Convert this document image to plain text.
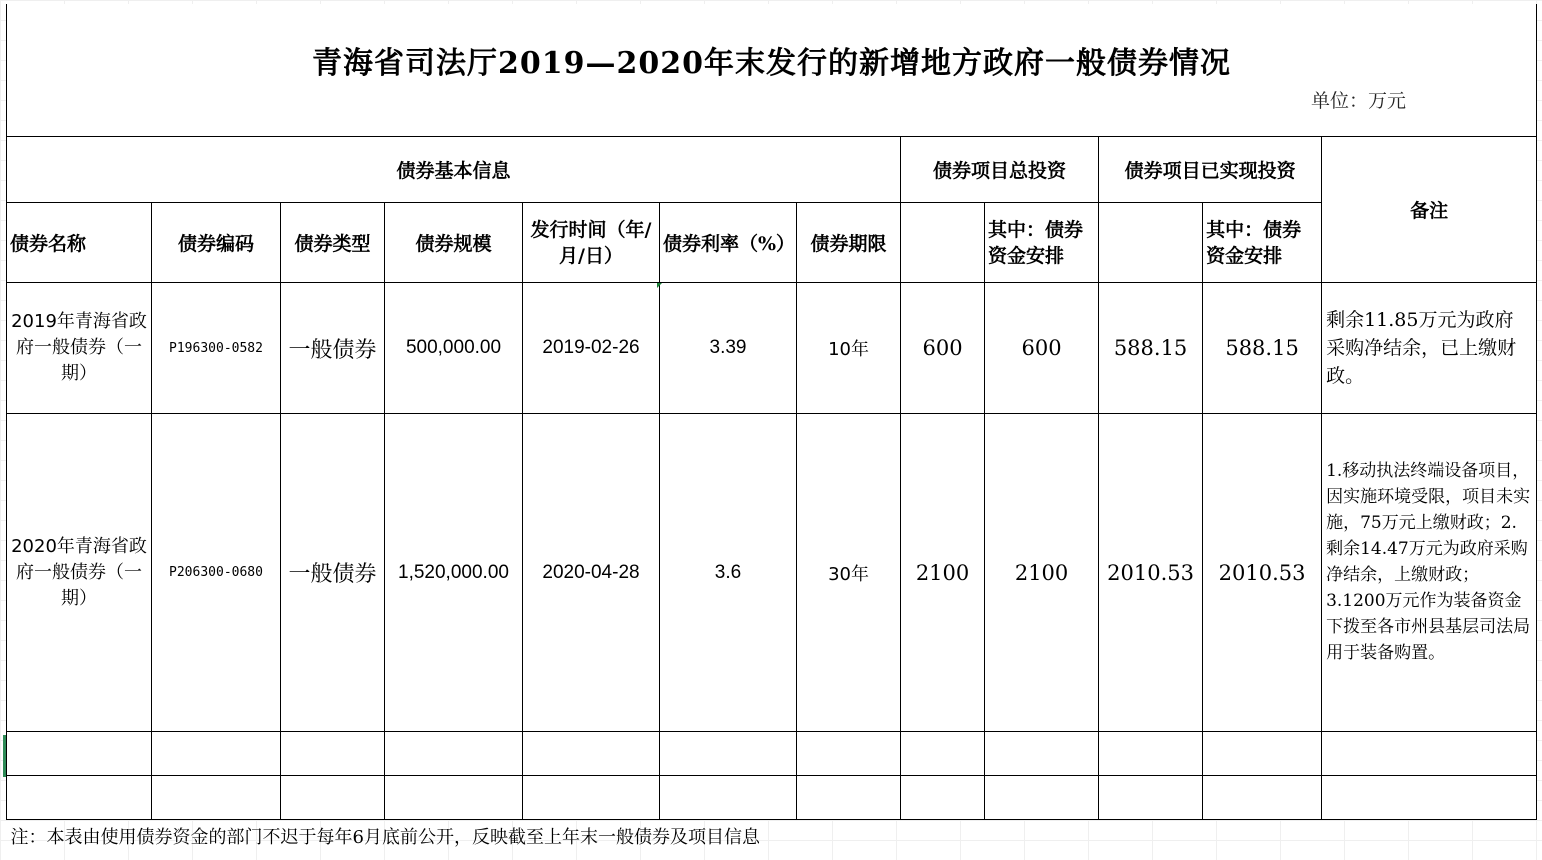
青海省司法厅2019—2020年末发行的新增地方政府一般债券情况
单位：万元
债券基本信息							债券项目总投资		债券项目已实现投资		备注
债券名称	债券编码	债券类型	债券规模	发行时间（年/月/日）	债券利率（%）	债券期限		其中：债券资金安排		其中：债券资金安排	
2019年青海省政府一般债券（一期）	P196300-0582	一般债券	500,000.00	2019-02-26	3.39	10年	600	600	588.15	588.15	剩余11.85万元为政府采购净结余，已上缴财政。
2020年青海省政府一般债券（一期）	P206300-0680	一般债券	1,520,000.00	2020-04-28	3.6	30年	2100	2100	2010.53	2010.53	1.移动执法终端设备项目，因实施环境受限，项目未实施，75万元上缴财政；2.剩余14.47万元为政府采购净结余，上缴财政；3.1200万元作为装备资金下拨至各市州县基层司法局用于装备购置。

注：本表由使用债券资金的部门不迟于每年6月底前公开，反映截至上年末一般债券及项目信息											
